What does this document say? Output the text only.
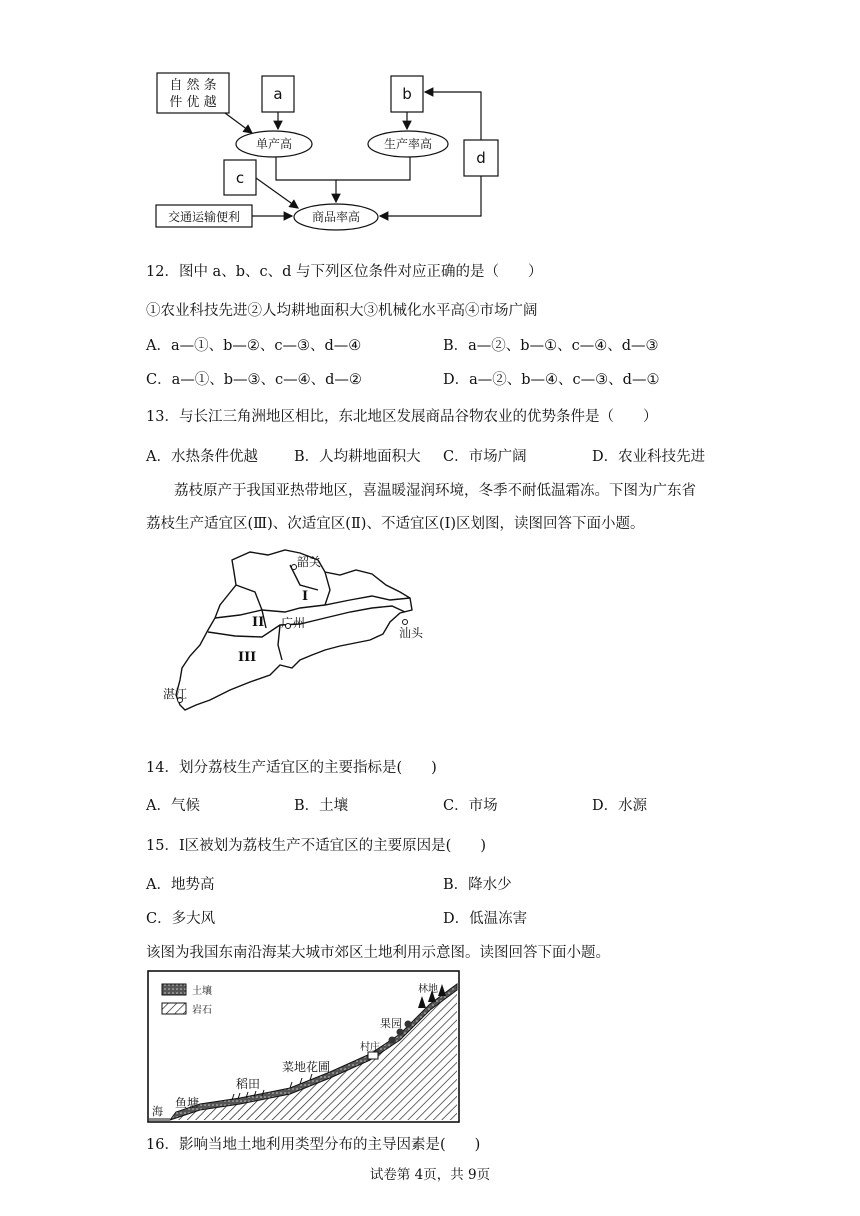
自 然 条
件 优 越	a	b
c
d
单产高	生产率高
交通运输便利	商品率高
12．图中 a、b、c、d 与下列区位条件对应正确的是（　　）
①农业科技先进②人均耕地面积大③机械化水平高④市场广阔
A．a—①、b—②、c—③、d—④	B．a—②、b—①、c—④、d—③
C．a—①、b—③、c—④、d—②	D．a—②、b—④、c—③、d—①
13．与长江三角洲地区相比，东北地区发展商品谷物农业的优势条件是（　　）
A．水热条件优越 B．人均耕地面积大 C．市场广阔	D．农业科技先进
荔枝原产于我国亚热带地区，喜温暖湿润环境，冬季不耐低温霜冻。下图为广东省
荔枝生产适宜区(Ⅲ)、次适宜区(Ⅱ)、不适宜区(Ⅰ)区划图，读图回答下面小题。
韶关
广州
汕头
湛江
I
II
III
14．划分荔枝生产适宜区的主要指标是(　　)
A．气候	B．土壤	C．市场	D．水源
15．I区被划为荔枝生产不适宜区的主要原因是(　　)
A．地势高	B．降水少
C．多大风	D．低温冻害
该图为我国东南沿海某大城市郊区土地利用示意图。读图回答下面小题。
土壤
岩石
海
鱼塘
稻田
菜地花圃
村庄
果园
林地
16．影响当地土地利用类型分布的主导因素是(　　)
试卷第 4页，共 9页
